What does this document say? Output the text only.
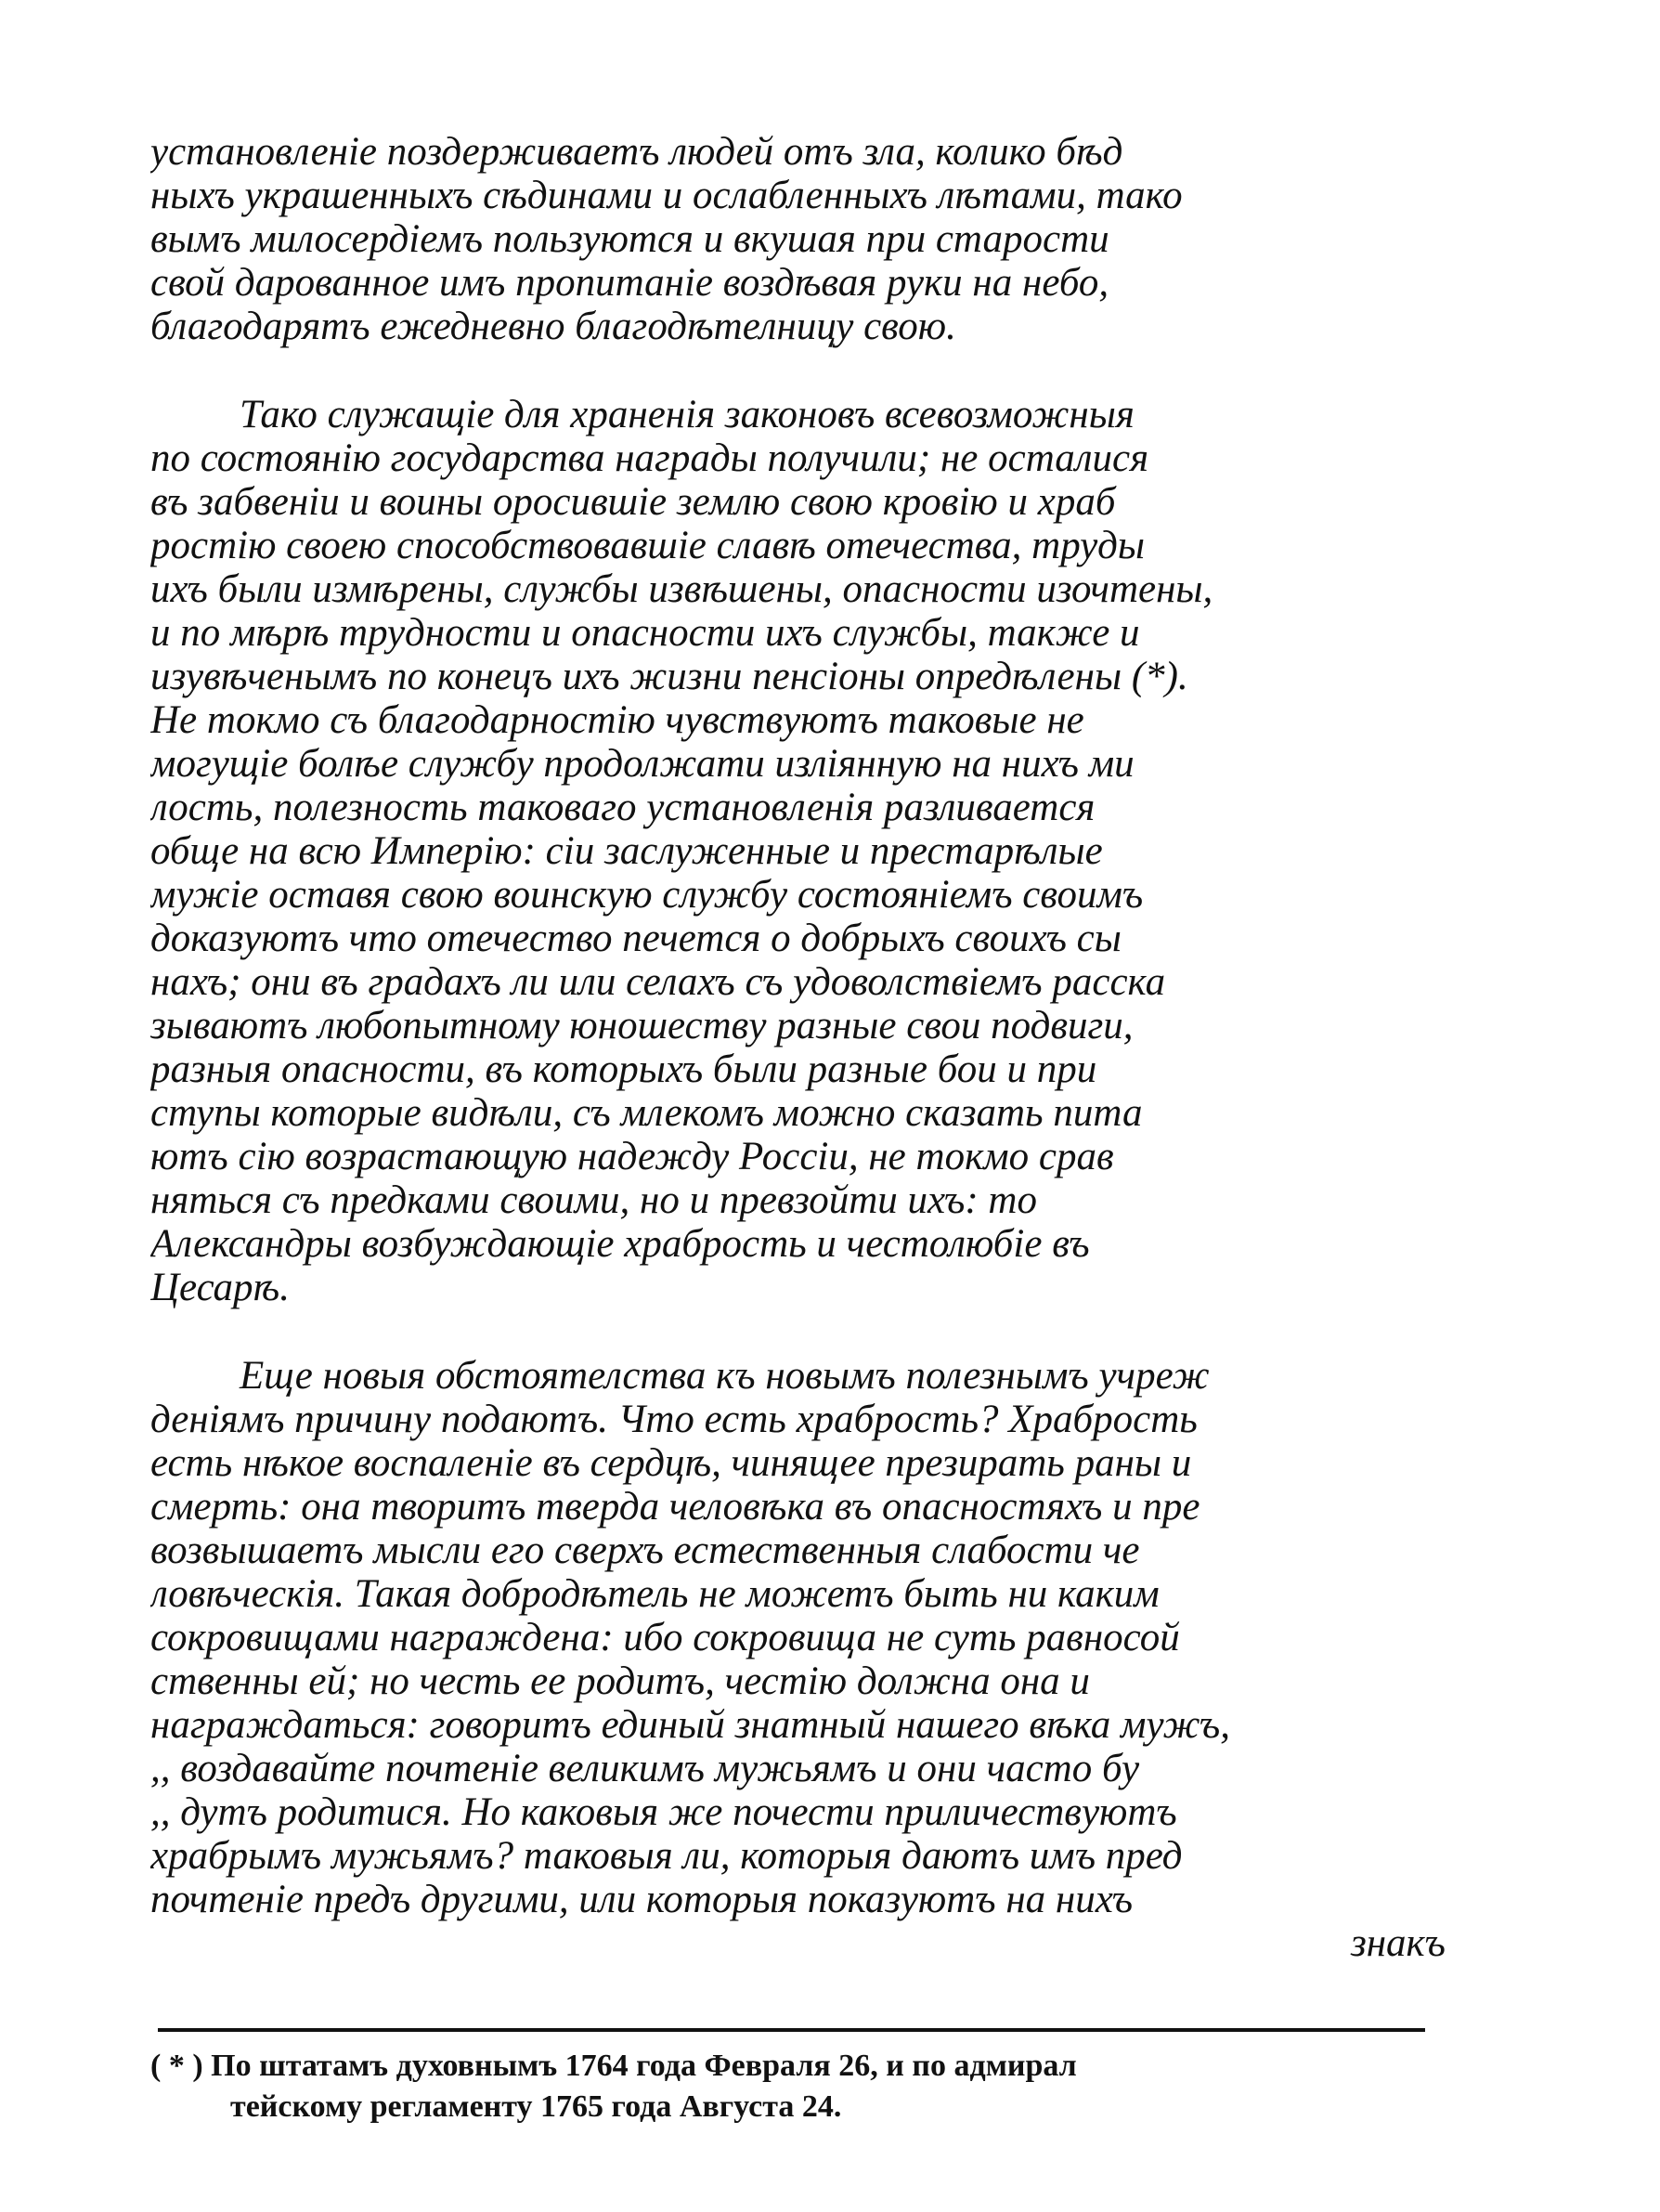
установленіе поздерживаетъ людей отъ зла, колико бѣд
ныхъ украшенныхъ сѣдинами и ослабленныхъ лѣтами, тако
вымъ милосердіемъ пользуются и вкушая при старости
свой дарованное имъ пропитаніе воздѣвая руки на небо,
благодарятъ ежедневно благодѣтелницу свою.
Тако служащіе для храненія законовъ всевозможныя
по состоянію государства награды получили; не осталися
въ забвеніи и воины оросившіе землю свою кровію и храб
ростію своею способствовавшіе славѣ отечества, труды
ихъ были измѣрены, службы извѣшены, опасности изочтены,
и по мѣрѣ трудности и опасности ихъ службы, также и
изувѣченымъ по конецъ ихъ жизни пенсіоны опредѣлены (*).
Не токмо съ благодарностію чувствуютъ таковые не
могущіе болѣе службу продолжати изліянную на нихъ ми
лость, полезность таковаго установленія разливается
обще на всю Имперію: сіи заслуженные и престарѣлые
мужіе оставя свою воинскую службу состояніемъ своимъ
доказуютъ что отечество печется о добрыхъ своихъ сы
нахъ; они въ градахъ ли или селахъ съ удоволствіемъ расска
зываютъ любопытному юношеству разные свои подвиги,
разныя опасности, въ которыхъ были разные бои и при
ступы которые видѣли, съ млекомъ можно сказать пита
ютъ сію возрастающую надежду Россіи, не токмо срав
няться съ предками своими, но и превзойти ихъ: то
Александры возбуждающіе храбрость и честолюбіе въ
Цесарѣ.
Еще новыя обстоятелства къ новымъ полезнымъ учреж
деніямъ причину подаютъ. Что есть храбрость? Храбрость
есть нѣкое воспаленіе въ сердцѣ, чинящее презирать раны и
смерть: она творитъ тверда человѣка въ опасностяхъ и пре
возвышаетъ мысли его сверхъ естественныя слабости че
ловѣческія. Такая добродѣтель не можетъ быть ни каким
сокровищами награждена: ибо сокровища не суть равносой
ственны ей; но честь ее родитъ, честію должна она и
награждаться: говоритъ единый знатный нашего вѣка мужъ,
,, воздавайте почтеніе великимъ мужьямъ и они часто бу
,, дутъ родитися. Но каковыя же почести приличествуютъ
храбрымъ мужьямъ? таковыя ли, которыя даютъ имъ пред
почтеніе предъ другими, или которыя показуютъ на нихъ
знакъ
( * ) По штатамъ духовнымъ 1764 года Февраля 26, и по адмирал
тейскому регламенту 1765 года Августа 24.
